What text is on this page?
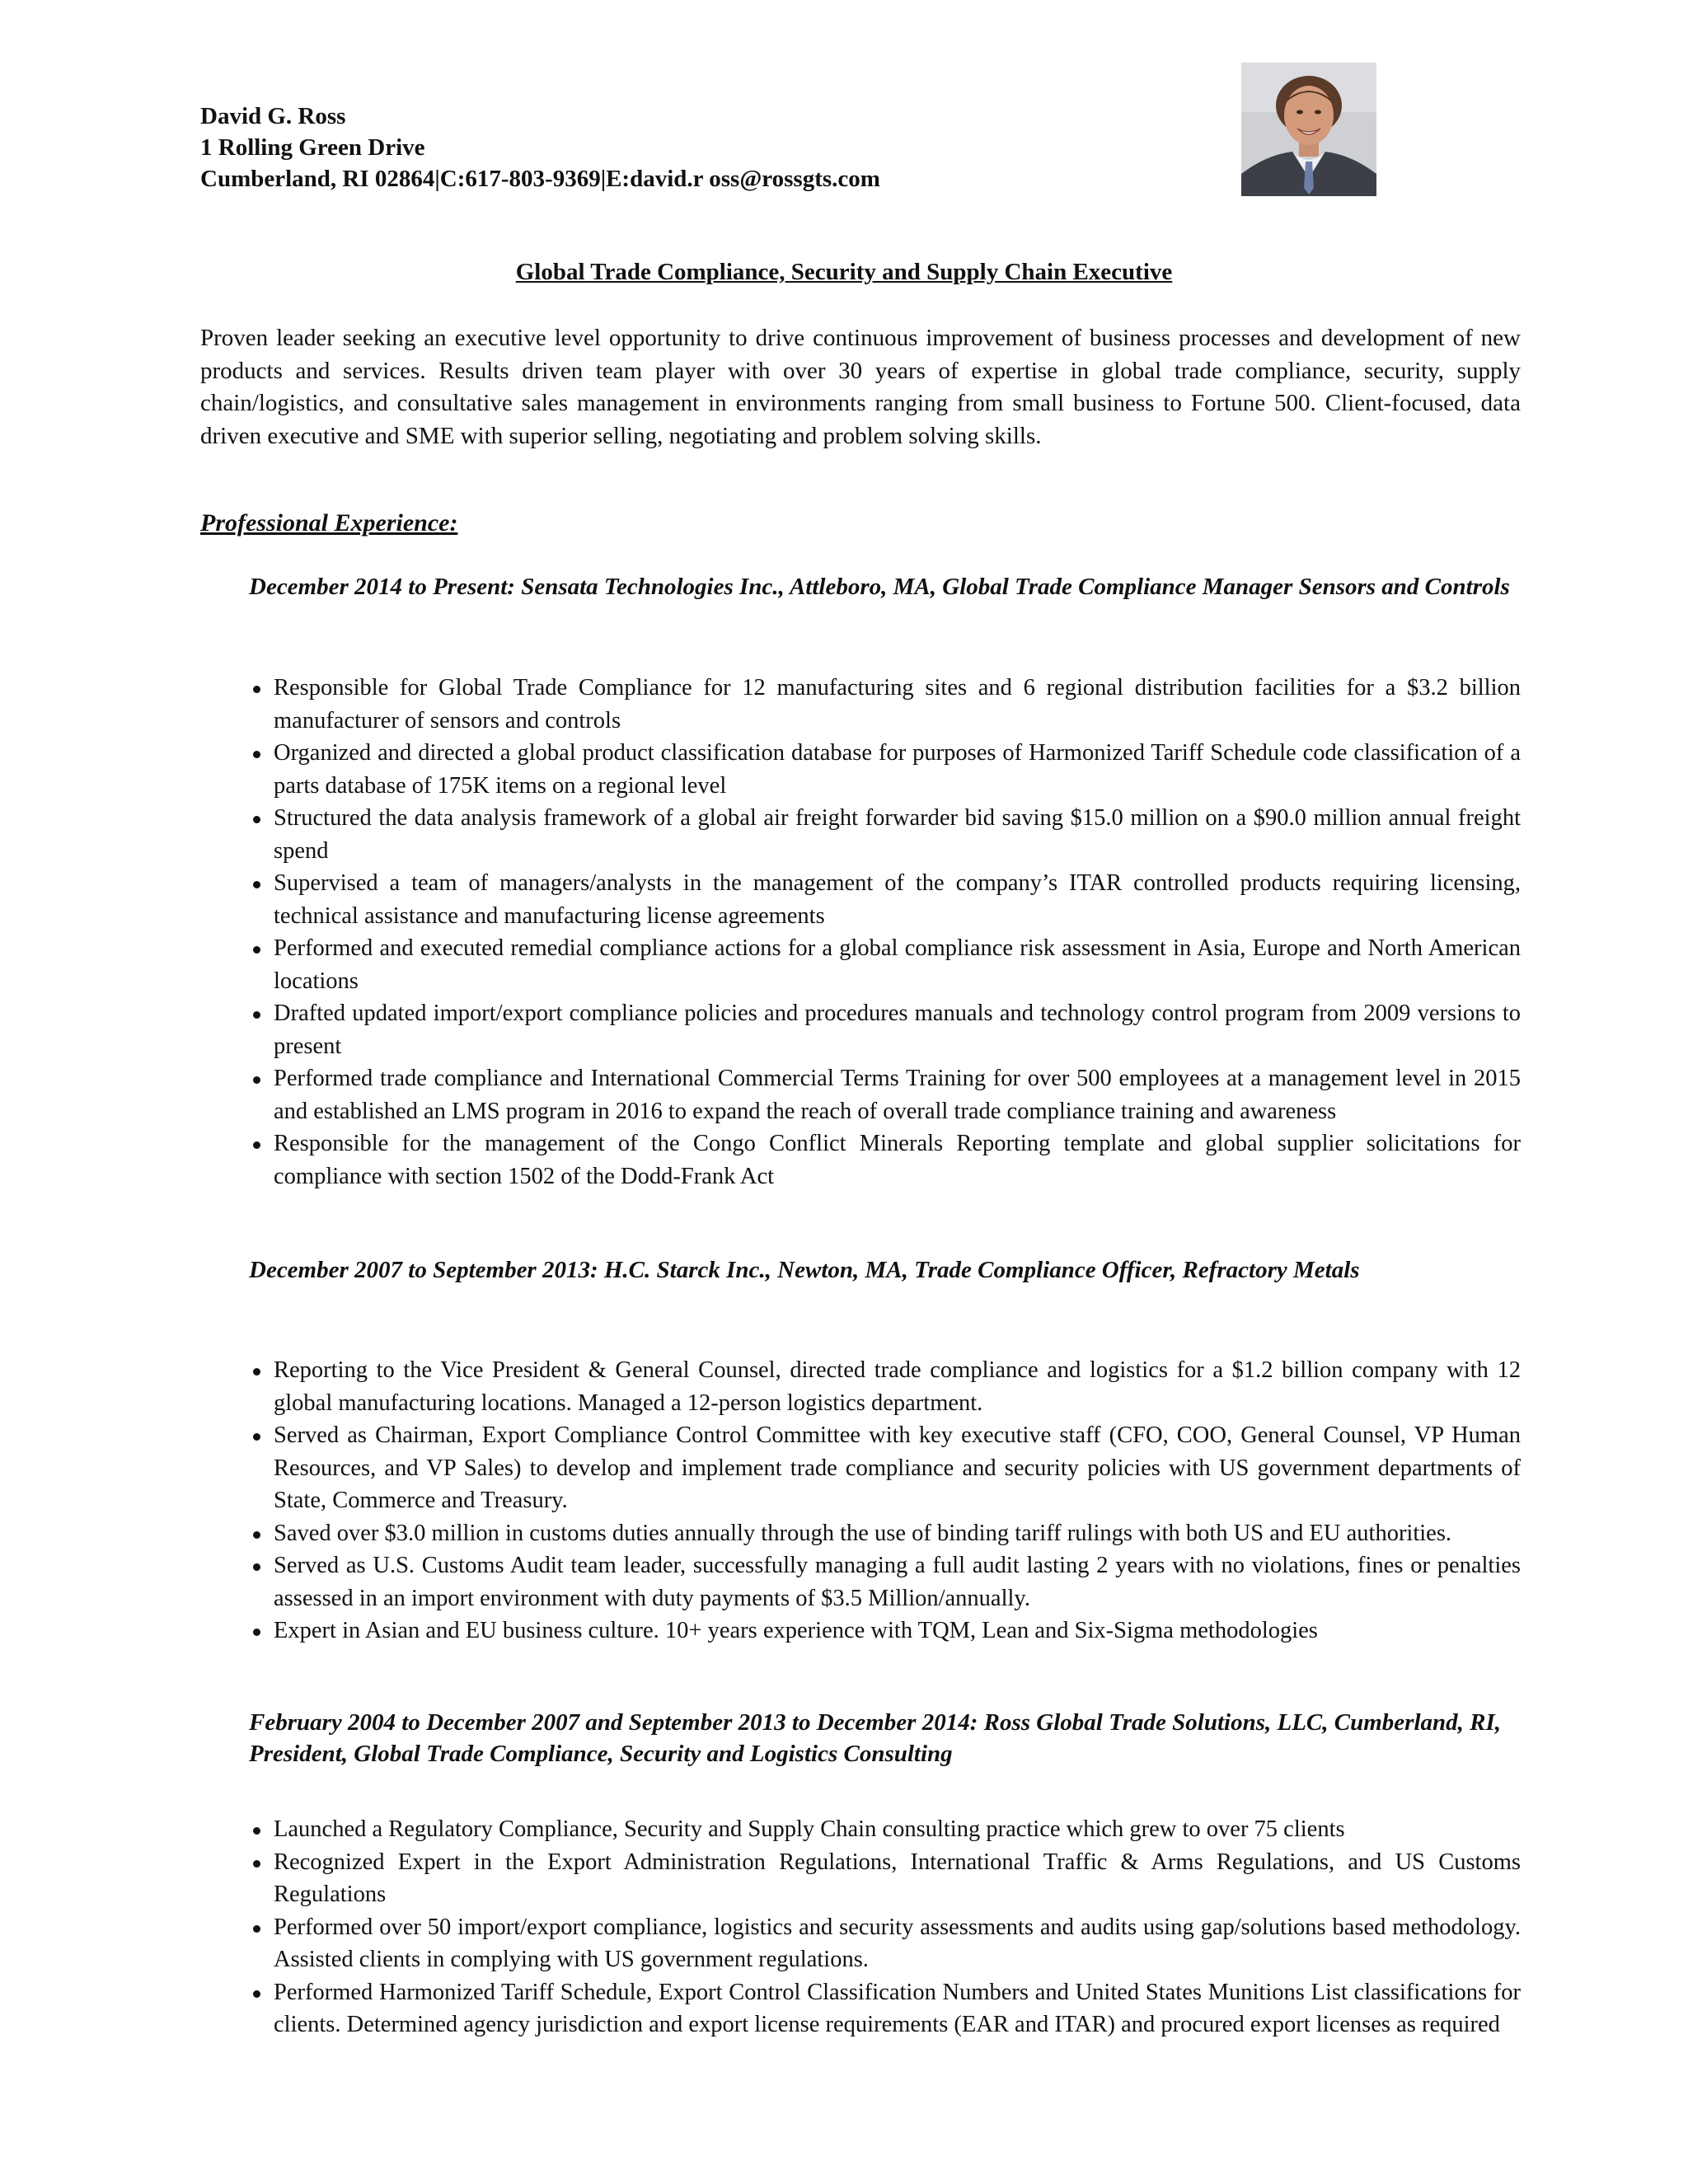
David G. Ross
1 Rolling Green Drive
Cumberland, RI 02864|C:617-803-9369|E:david.r oss@rossgts.com
Global Trade Compliance, Security and Supply Chain Executive
Proven leader seeking an executive level opportunity to drive continuous improvement of business processes and development of new products and services. Results driven team player with over 30 years of expertise in global trade compliance, security, supply chain/logistics, and consultative sales management in environments ranging from small business to Fortune 500. Client-focused, data driven executive and SME with superior selling, negotiating and problem solving skills.
Professional Experience:
December 2014 to Present: Sensata Technologies Inc., Attleboro, MA, Global Trade Compliance Manager Sensors and Controls
Responsible for Global Trade Compliance for 12 manufacturing sites and 6 regional distribution facilities for a $3.2 billion manufacturer of sensors and controls
Organized and directed a global product classification database for purposes of Harmonized Tariff Schedule code classification of a parts database of 175K items on a regional level
Structured the data analysis framework of a global air freight forwarder bid saving $15.0 million on a $90.0 million annual freight spend
Supervised a team of managers/analysts in the management of the company’s ITAR controlled products requiring licensing, technical assistance and manufacturing license agreements
Performed and executed remedial compliance actions for a global compliance risk assessment in Asia, Europe and North American locations
Drafted updated import/export compliance policies and procedures manuals and technology control program from 2009 versions to present
Performed trade compliance and International Commercial Terms Training for over 500 employees at a management level in 2015 and established an LMS program in 2016 to expand the reach of overall trade compliance training and awareness
Responsible for the management of the Congo Conflict Minerals Reporting template and global supplier solicitations for compliance with section 1502 of the Dodd-Frank Act
December 2007 to September 2013: H.C. Starck Inc., Newton, MA, Trade Compliance Officer, Refractory Metals
Reporting to the Vice President & General Counsel, directed trade compliance and logistics for a $1.2 billion company with 12 global manufacturing locations. Managed a 12-person logistics department.
Served as Chairman, Export Compliance Control Committee with key executive staff (CFO, COO, General Counsel, VP Human Resources, and VP Sales) to develop and implement trade compliance and security policies with US government departments of State, Commerce and Treasury.
Saved over $3.0 million in customs duties annually through the use of binding tariff rulings with both US and EU authorities.
Served as U.S. Customs Audit team leader, successfully managing a full audit lasting 2 years with no violations, fines or penalties assessed in an import environment with duty payments of $3.5 Million/annually.
Expert in Asian and EU business culture. 10+ years experience with TQM, Lean and Six-Sigma methodologies
February 2004 to December 2007 and September 2013 to December 2014: Ross Global Trade Solutions, LLC, Cumberland, RI, President, Global Trade Compliance, Security and Logistics Consulting
Launched a Regulatory Compliance, Security and Supply Chain consulting practice which grew to over 75 clients
Recognized Expert in the Export Administration Regulations, International Traffic & Arms Regulations, and US Customs Regulations
Performed over 50 import/export compliance, logistics and security assessments and audits using gap/solutions based methodology. Assisted clients in complying with US government regulations.
Performed Harmonized Tariff Schedule, Export Control Classification Numbers and United States Munitions List classifications for clients. Determined agency jurisdiction and export license requirements (EAR and ITAR) and procured export licenses as required
